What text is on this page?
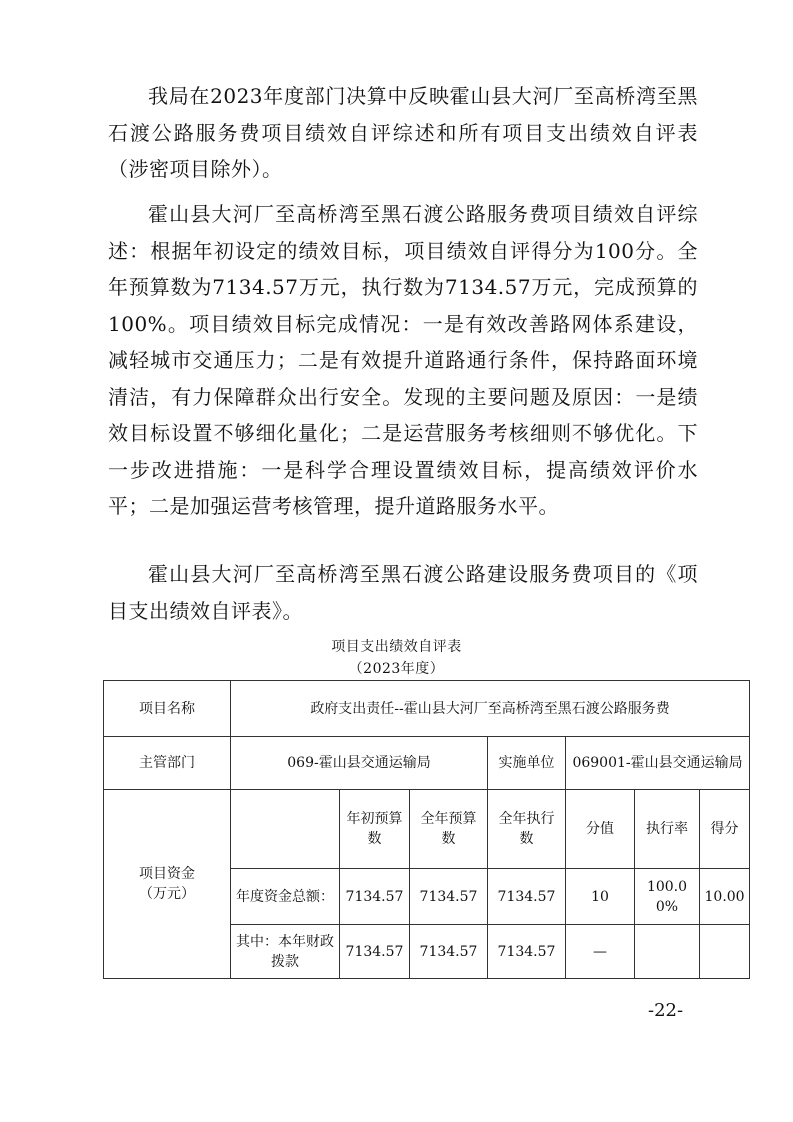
我局在2023年度部门决算中反映霍山县大河厂至高桥湾至黑石渡公路服务费项目绩效自评综述和所有项目支出绩效自评表（涉密项目除外）。

霍山县大河厂至高桥湾至黑石渡公路服务费项目绩效自评综述：根据年初设定的绩效目标，项目绩效自评得分为100分。全年预算数为7134.57万元，执行数为7134.57万元，完成预算的100%。项目绩效目标完成情况：一是有效改善路网体系建设，减轻城市交通压力；二是有效提升道路通行条件，保持路面环境清洁，有力保障群众出行安全。发现的主要问题及原因：一是绩效目标设置不够细化量化；二是运营服务考核细则不够优化。下一步改进措施：一是科学合理设置绩效目标，提高绩效评价水平；二是加强运营考核管理，提升道路服务水平。

霍山县大河厂至高桥湾至黑石渡公路建设服务费项目的《项目支出绩效自评表》。

项目支出绩效自评表
（2023年度）
项目名称	政府支出责任--霍山县大河厂至高桥湾至黑石渡公路服务费						
主管部门	069-霍山县交通运输局			实施单位	069001-霍山县交通运输局		
项目资金
（万元）		年初预算数	全年预算数	全年执行数	分值	执行率	得分
	年度资金总额：	7134.57	7134.57	7134.57	10	100.00%	10.00
	其中：本年财政拨款	7134.57	7134.57	7134.57	—		
-22-
